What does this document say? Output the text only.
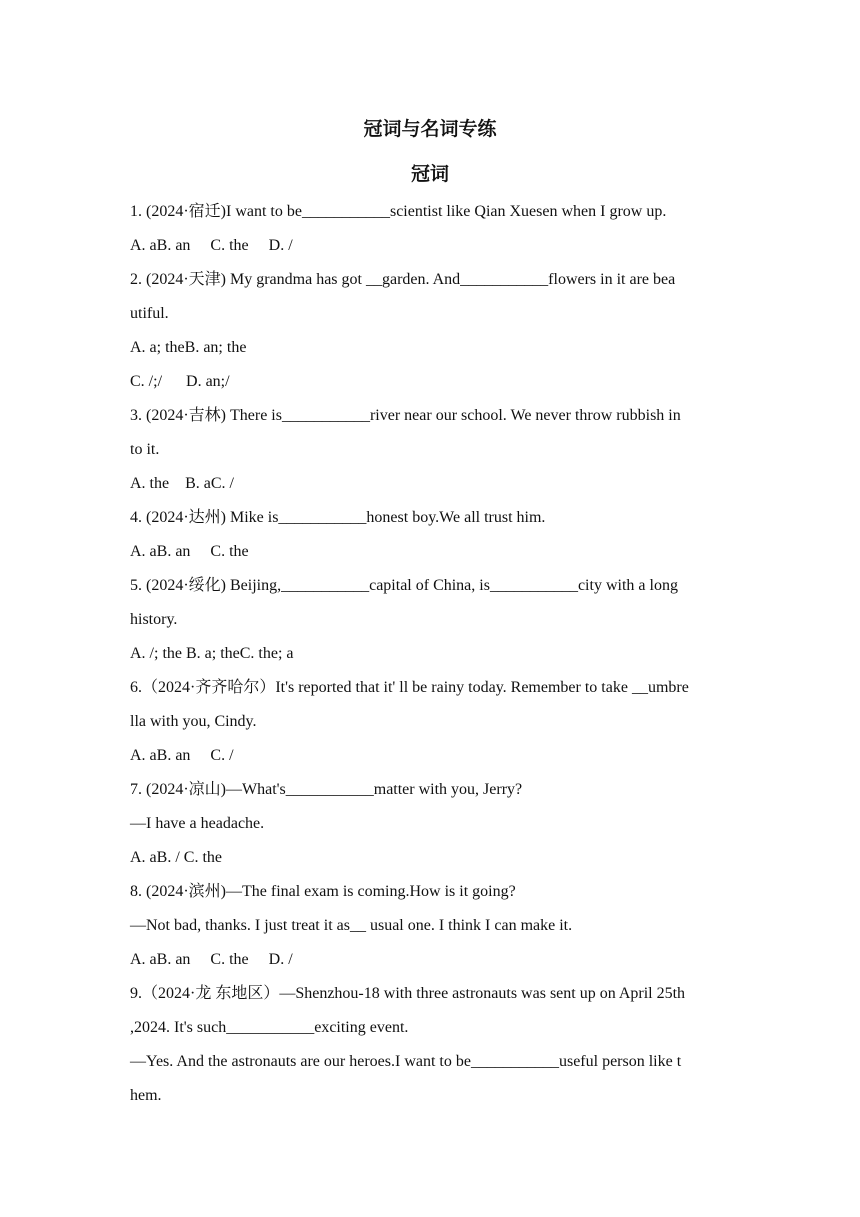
冠词与名词专练
冠词
1. (2024·宿迁)I want to be___________scientist like Qian Xuesen when I grow up.
A. aB. an     C. the     D. /
2. (2024·天津) My grandma has got __garden. And___________flowers in it are bea
utiful.
A. a; theB. an; the
C. /;/      D. an;/
3. (2024·吉林) There is___________river near our school. We never throw rubbish in
to it.
A. the    B. aC. /
4. (2024·达州) Mike is___________honest boy.We all trust him.
A. aB. an     C. the
5. (2024·绥化) Beijing,___________capital of China, is___________city with a long
history.
A. /; the B. a; theC. the; a
6.（2024·齐齐哈尔）It's reported that it' ll be rainy today. Remember to take __umbre
lla with you, Cindy.
A. aB. an     C. /
7. (2024·凉山)—What's___________matter with you, Jerry?
—I have a headache.
A. aB. / C. the
8. (2024·滨州)—The final exam is coming.How is it going?
—Not bad, thanks. I just treat it as__ usual one. I think I can make it.
A. aB. an     C. the     D. /
9.（2024·龙 东地区）—Shenzhou-18 with three astronauts was sent up on April 25th
,2024. It's such___________exciting event.
—Yes. And the astronauts are our heroes.I want to be___________useful person like t
hem.
